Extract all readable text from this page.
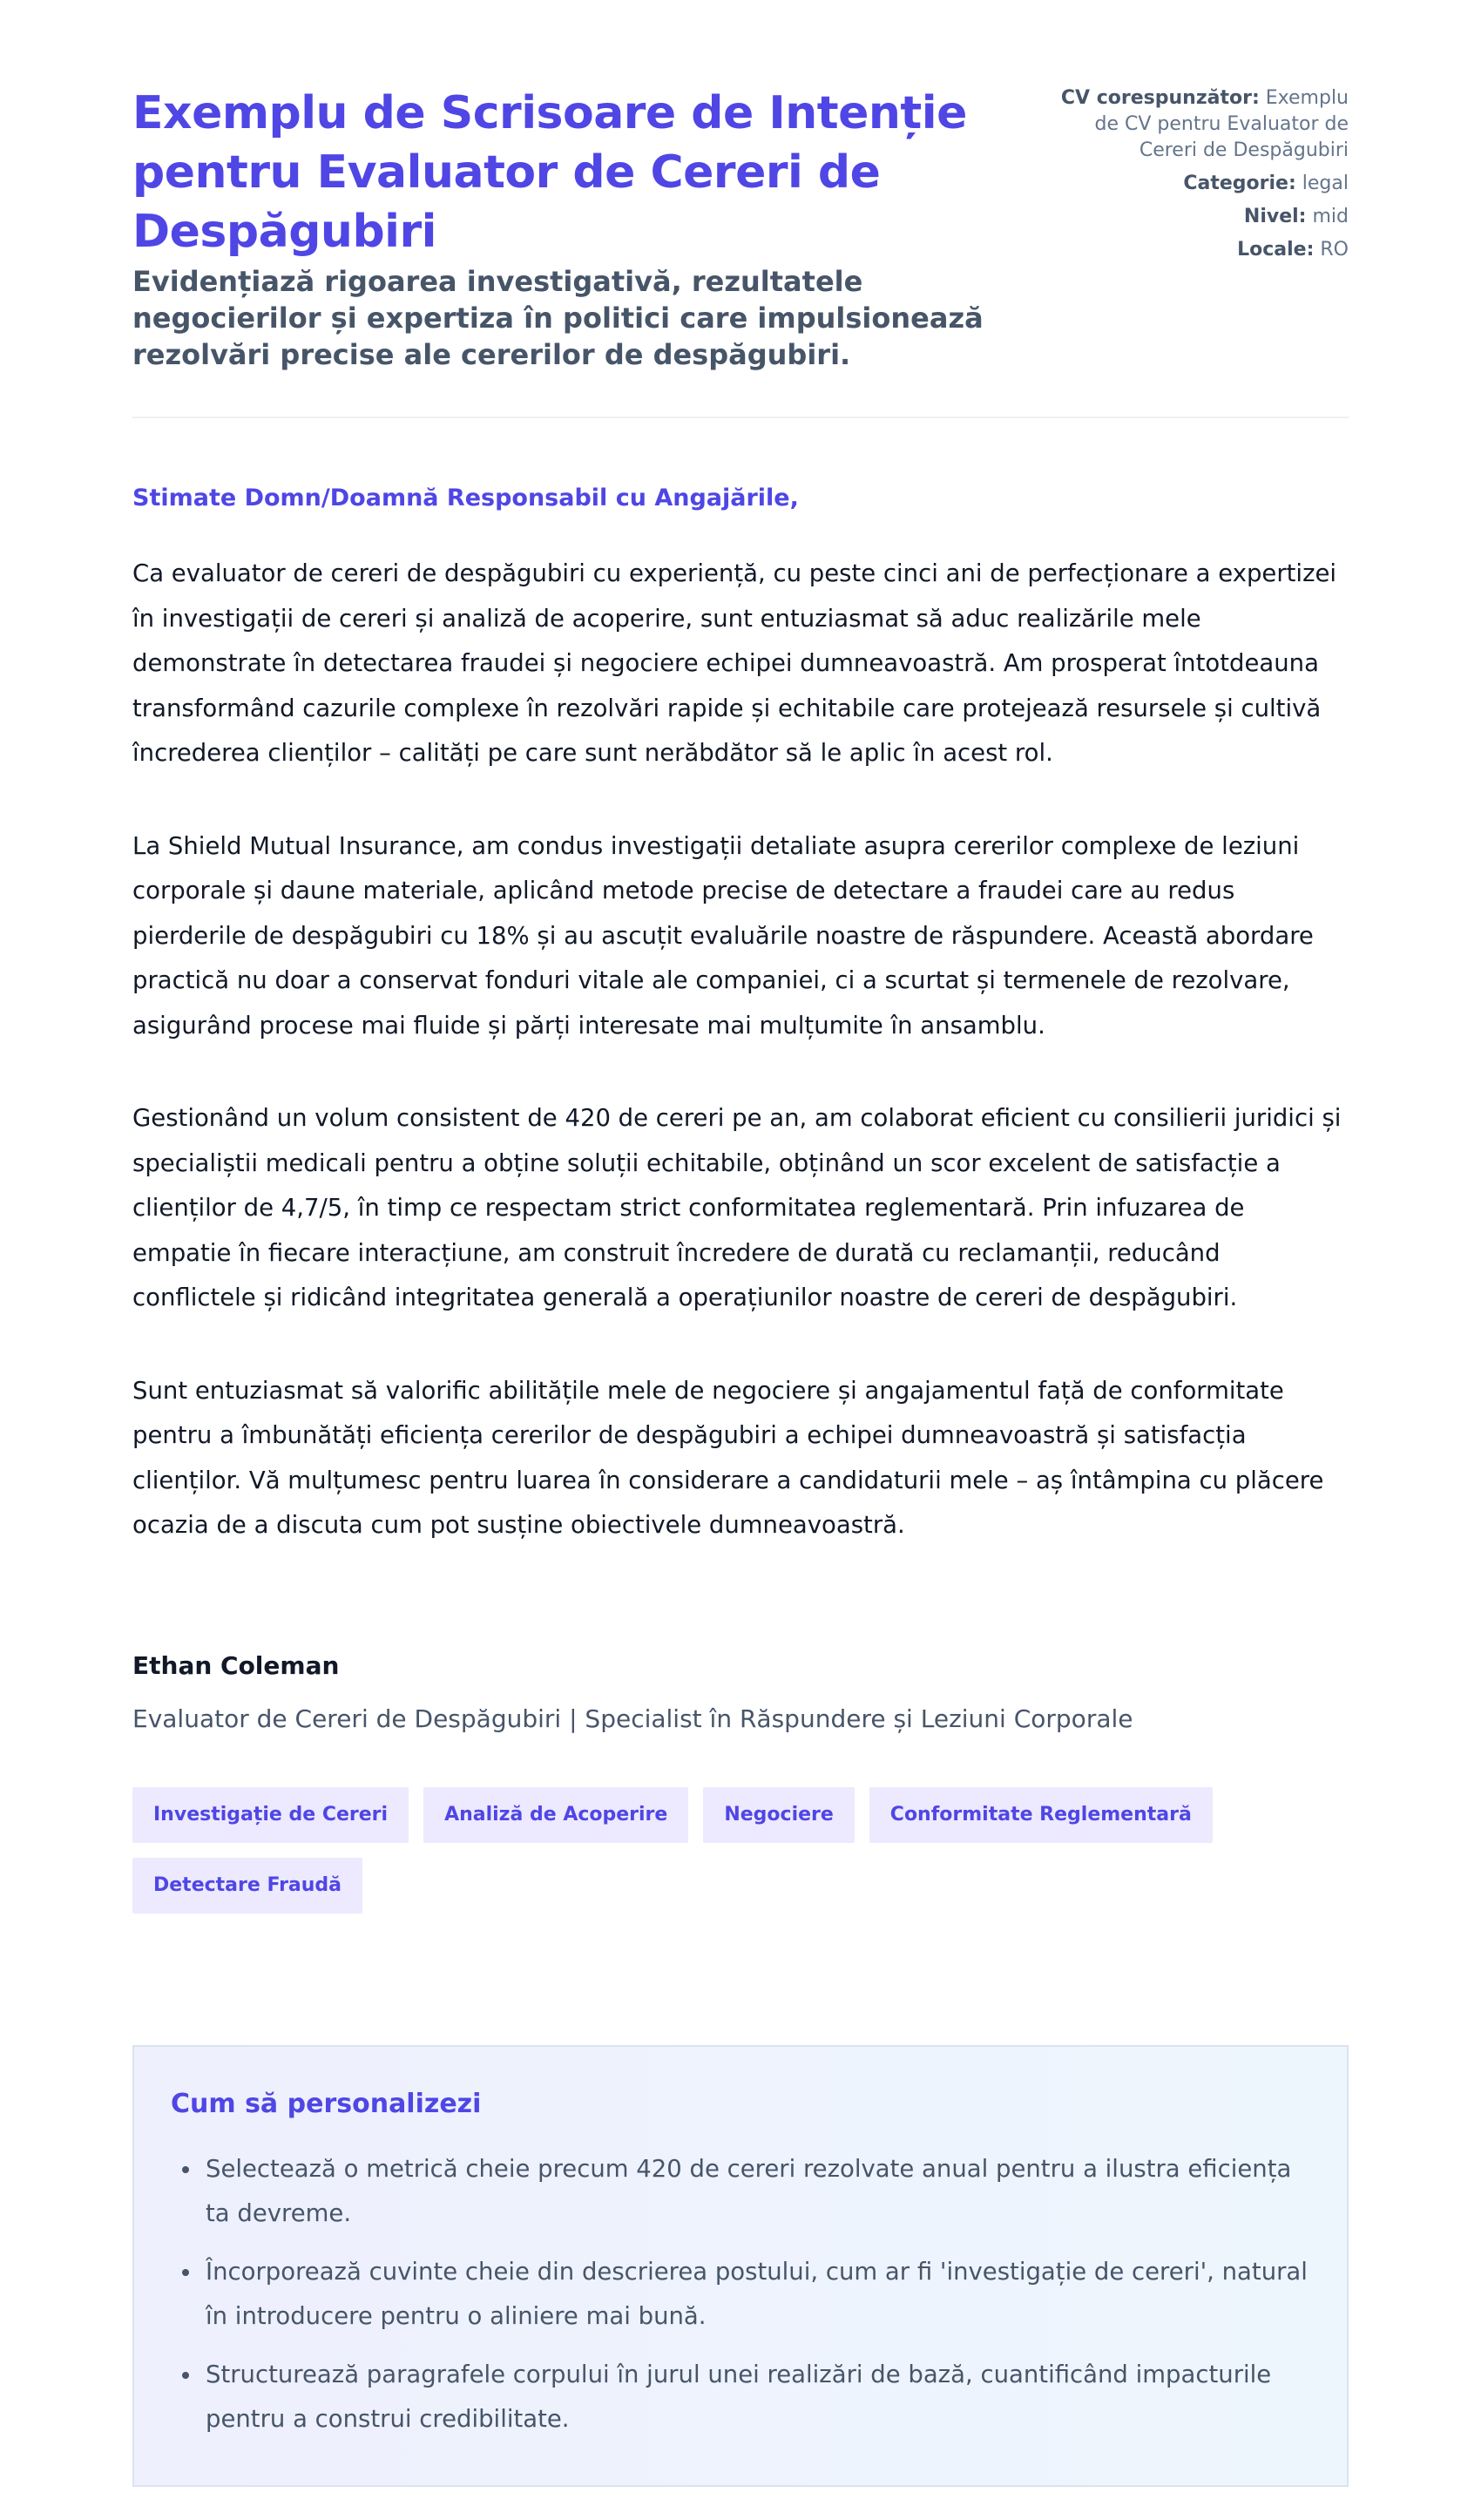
Exemplu de Scrisoare de Intenție pentru Evaluator de Cereri de Despăgubiri

Evidențiază rigoarea investigativă, rezultatele negocierilor și expertiza în politici care impulsionează rezolvări precise ale cererilor de despăgubiri.

CV corespunzător: Exemplu de CV pentru Evaluator de Cereri de Despăgubiri
Categorie: legal
Nivel: mid
Locale: RO

Stimate Domn/Doamnă Responsabil cu Angajările,

Ca evaluator de cereri de despăgubiri cu experiență, cu peste cinci ani de perfecționare a expertizei în investigații de cereri și analiză de acoperire, sunt entuziasmat să aduc realizările mele demonstrate în detectarea fraudei și negociere echipei dumneavoastră. Am prosperat întotdeauna transformând cazurile complexe în rezolvări rapide și echitabile care protejează resursele și cultivă încrederea clienților – calități pe care sunt nerăbdător să le aplic în acest rol.

La Shield Mutual Insurance, am condus investigații detaliate asupra cererilor complexe de leziuni corporale și daune materiale, aplicând metode precise de detectare a fraudei care au redus pierderile de despăgubiri cu 18% și au ascuțit evaluările noastre de răspundere. Această abordare practică nu doar a conservat fonduri vitale ale companiei, ci a scurtat și termenele de rezolvare, asigurând procese mai fluide și părți interesate mai mulțumite în ansamblu.

Gestionând un volum consistent de 420 de cereri pe an, am colaborat eficient cu consilierii juridici și specialiștii medicali pentru a obține soluții echitabile, obținând un scor excelent de satisfacție a clienților de 4,7/5, în timp ce respectam strict conformitatea reglementară. Prin infuzarea de empatie în fiecare interacțiune, am construit încredere de durată cu reclamanții, reducând conflictele și ridicând integritatea generală a operațiunilor noastre de cereri de despăgubiri.

Sunt entuziasmat să valorific abilitățile mele de negociere și angajamentul față de conformitate pentru a îmbunătăți eficiența cererilor de despăgubiri a echipei dumneavoastră și satisfacția clienților. Vă mulțumesc pentru luarea în considerare a candidaturii mele – aș întâmpina cu plăcere ocazia de a discuta cum pot susține obiectivele dumneavoastră.

Ethan Coleman

Evaluator de Cereri de Despăgubiri | Specialist în Răspundere și Leziuni Corporale

Investigație de Cereri	Analiză de Acoperire	Negociere	Conformitate Reglementară
Detectare Fraudă
Cum să personalizezi
• Selectează o metrică cheie precum 420 de cereri rezolvate anual pentru a ilustra eficiența ta devreme.
• Încorporează cuvinte cheie din descrierea postului, cum ar fi 'investigație de cereri', natural în introducere pentru o aliniere mai bună.
• Structurează paragrafele corpului în jurul unei realizări de bază, cuantificând impacturile pentru a construi credibilitate.
